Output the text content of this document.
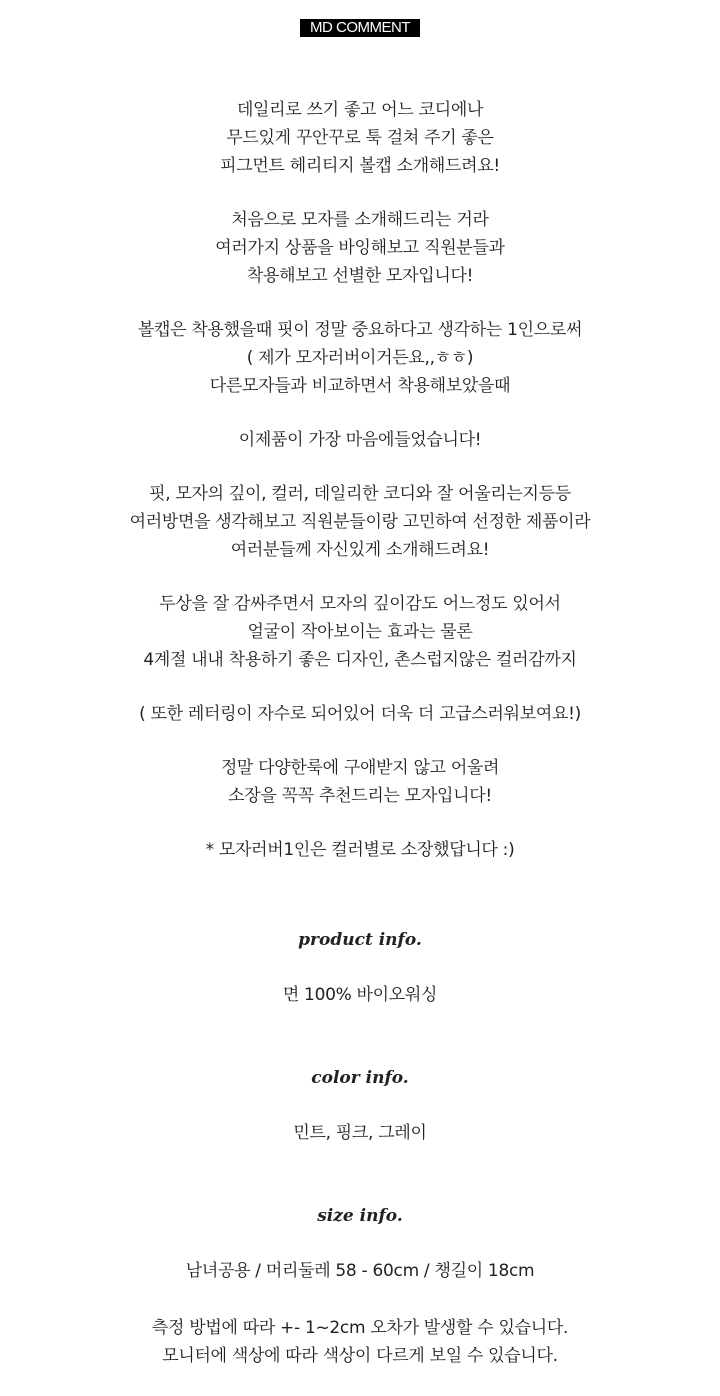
MD COMMENT

데일리로 쓰기 좋고 어느 코디에나
무드있게 꾸안꾸로 툭 걸쳐 주기 좋은
피그먼트 헤리티지 볼캡 소개해드려요!

처음으로 모자를 소개해드리는 거라
여러가지 상품을 바잉해보고 직원분들과
착용해보고 선별한 모자입니다!

볼캡은 착용했을때 핏이 정말 중요하다고 생각하는 1인으로써
( 제가 모자러버이거든요,,ㅎㅎ)
다른모자들과 비교하면서 착용해보았을때

이제품이 가장 마음에들었습니다!

핏, 모자의 깊이, 컬러, 데일리한 코디와 잘 어울리는지등등
여러방면을 생각해보고 직원분들이랑 고민하여 선정한 제품이라
여러분들께 자신있게 소개해드려요!

두상을 잘 감싸주면서 모자의 깊이감도 어느정도 있어서
얼굴이 작아보이는 효과는 물론
4계절 내내 착용하기 좋은 디자인, 촌스럽지않은 컬러감까지

( 또한 레터링이 자수로 되어있어 더욱 더 고급스러워보여요!)

정말 다양한룩에 구애받지 않고 어울려
소장을 꼭꼭 추천드리는 모자입니다!

* 모자러버1인은 컬러별로 소장했답니다 :)

product info.
면 100% 바이오워싱
color info.
민트, 핑크, 그레이
size info.
남녀공용 / 머리둘레 58 - 60cm / 챙길이 18cm
측정 방법에 따라 +- 1~2cm 오차가 발생할 수 있습니다.
모니터에 색상에 따라 색상이 다르게 보일 수 있습니다.
